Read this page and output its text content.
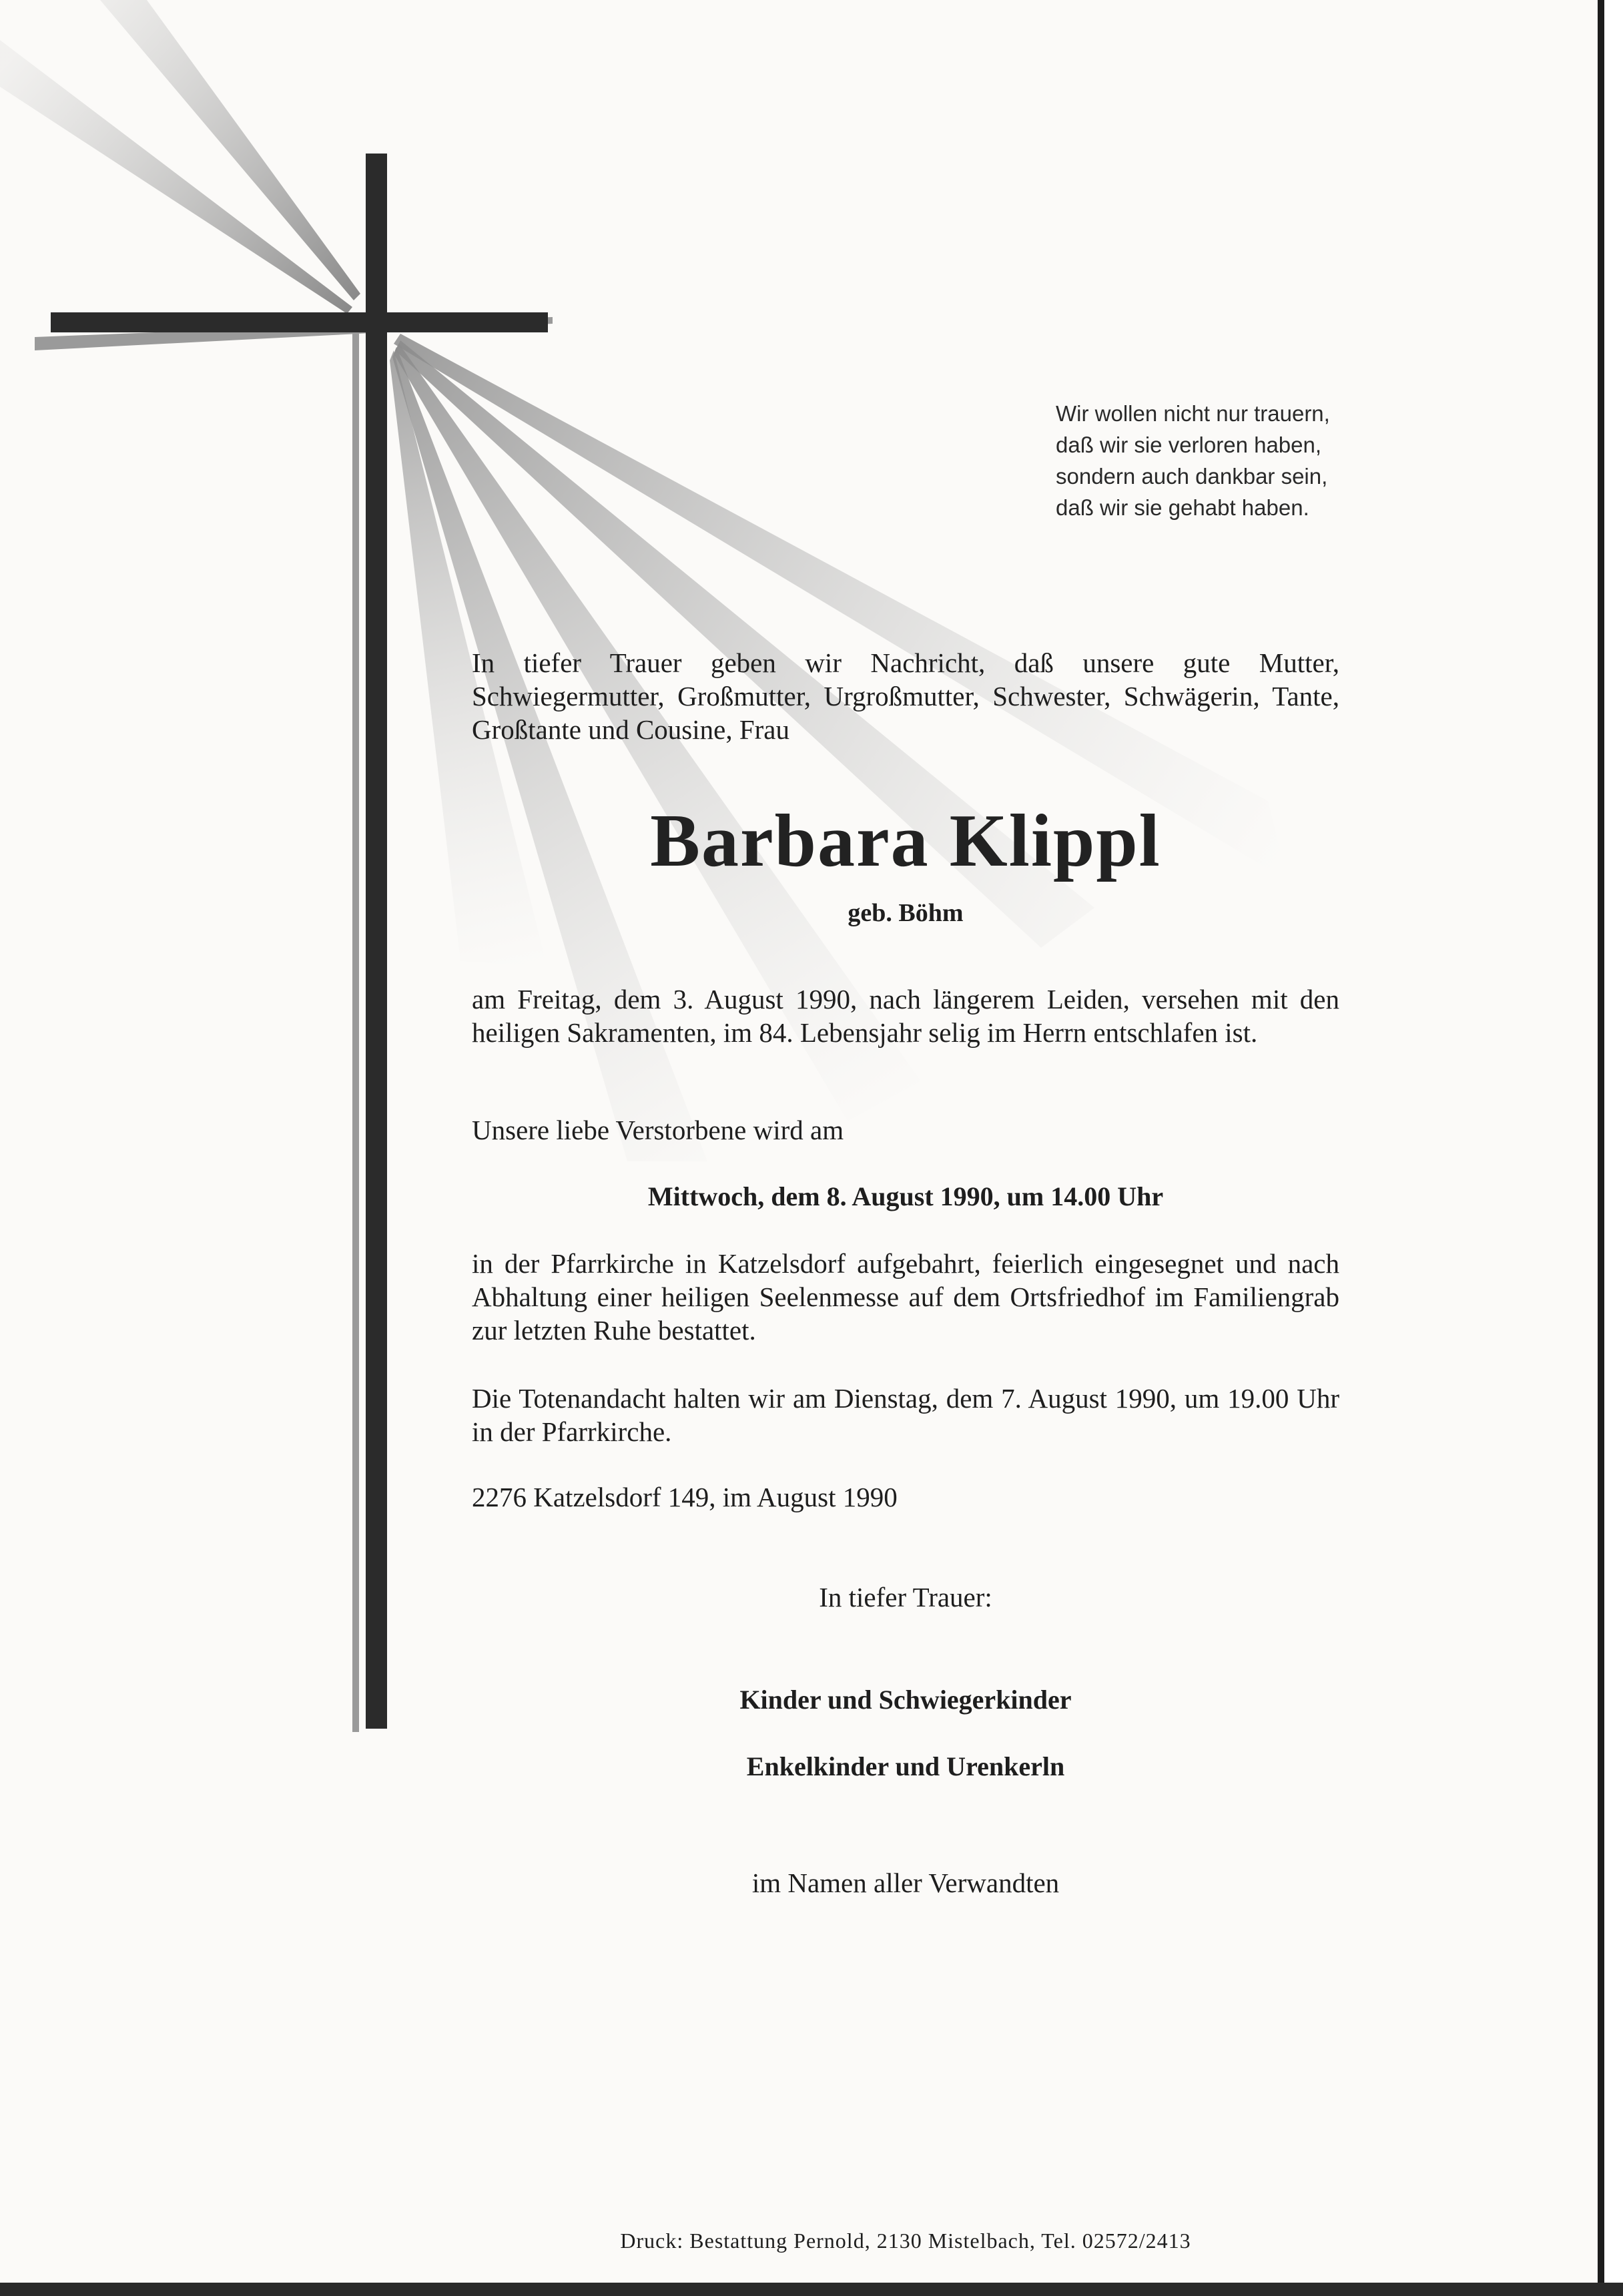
Wir wollen nicht nur trauern,
daß wir sie verloren haben,
sondern auch dankbar sein,
daß wir sie gehabt haben.
In tiefer Trauer geben wir Nachricht, daß unsere gute Mutter, Schwiegermutter, Großmutter, Urgroßmutter, Schwester, Schwägerin, Tante, Großtante und Cousine, Frau
Barbara Klippl
geb. Böhm
am Freitag, dem 3. August 1990, nach längerem Leiden, versehen mit den heiligen Sakramenten, im 84. Lebensjahr selig im Herrn entschlafen ist.
Unsere liebe Verstorbene wird am
Mittwoch, dem 8. August 1990, um 14.00 Uhr
in der Pfarrkirche in Katzelsdorf aufgebahrt, feierlich eingesegnet und nach Abhaltung einer heiligen Seelenmesse auf dem Ortsfriedhof im Familiengrab zur letzten Ruhe bestattet.
Die Totenandacht halten wir am Dienstag, dem 7. August 1990, um 19.00 Uhr in der Pfarrkirche.
2276 Katzelsdorf 149, im August 1990
In tiefer Trauer:
Kinder und Schwiegerkinder
Enkelkinder und Urenkerln
im Namen aller Verwandten
Druck: Bestattung Pernold, 2130 Mistelbach, Tel. 02572/2413
